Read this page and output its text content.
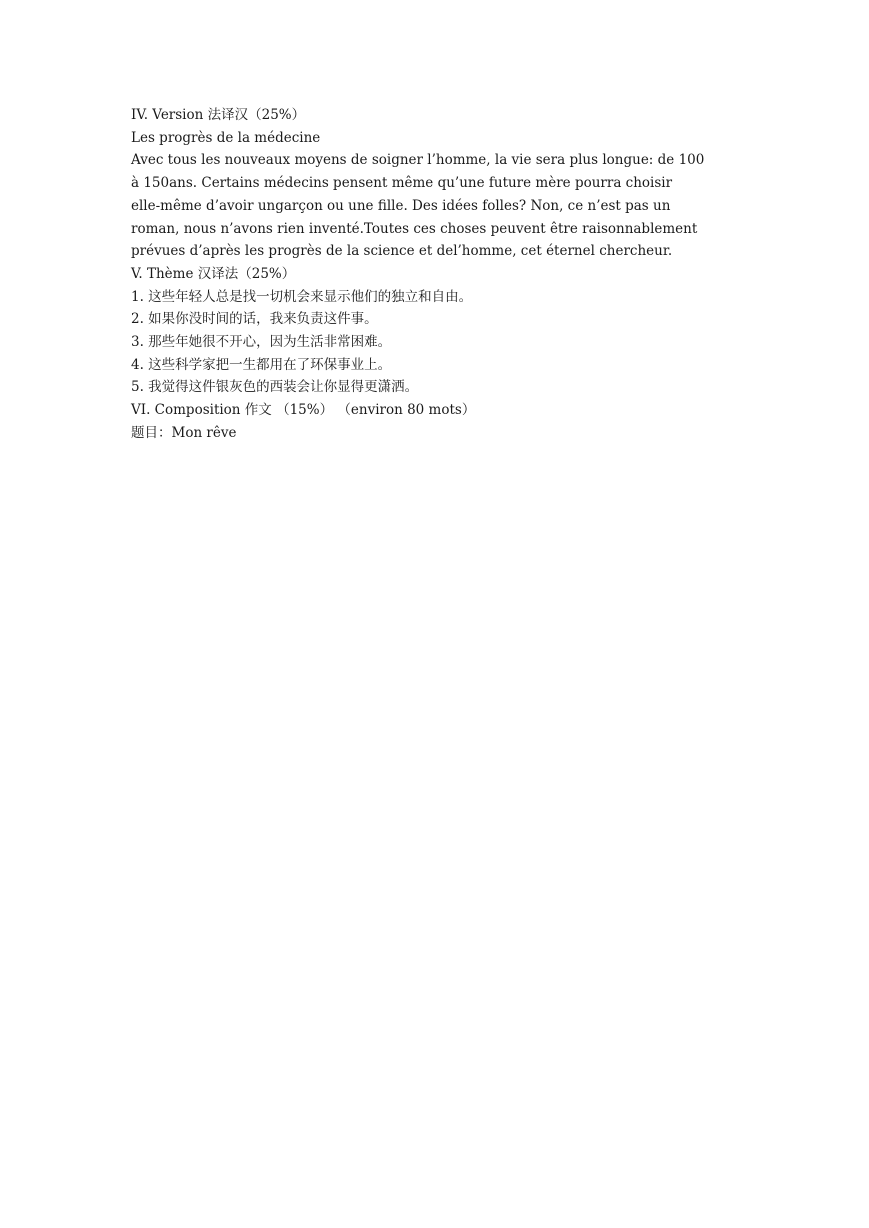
IV. Version 法译汉（25%）
Les progrès de la médecine
Avec tous les nouveaux moyens de soigner l’homme, la vie sera plus longue: de 100
à 150ans. Certains médecins pensent même qu’une future mère pourra choisir
elle-même d’avoir ungarçon ou une fille. Des idées folles? Non, ce n’est pas un
roman, nous n’avons rien inventé.Toutes ces choses peuvent être raisonnablement
prévues d’après les progrès de la science et del’homme, cet éternel chercheur.
V. Thème 汉译法（25%）
1. 这些年轻人总是找一切机会来显示他们的独立和自由。
2. 如果你没时间的话，我来负责这件事。
3. 那些年她很不开心，因为生活非常困难。
4. 这些科学家把一生都用在了环保事业上。
5. 我觉得这件银灰色的西装会让你显得更潇洒。
VI. Composition 作文 （15%） （environ 80 mots）
题目：Mon rêve
